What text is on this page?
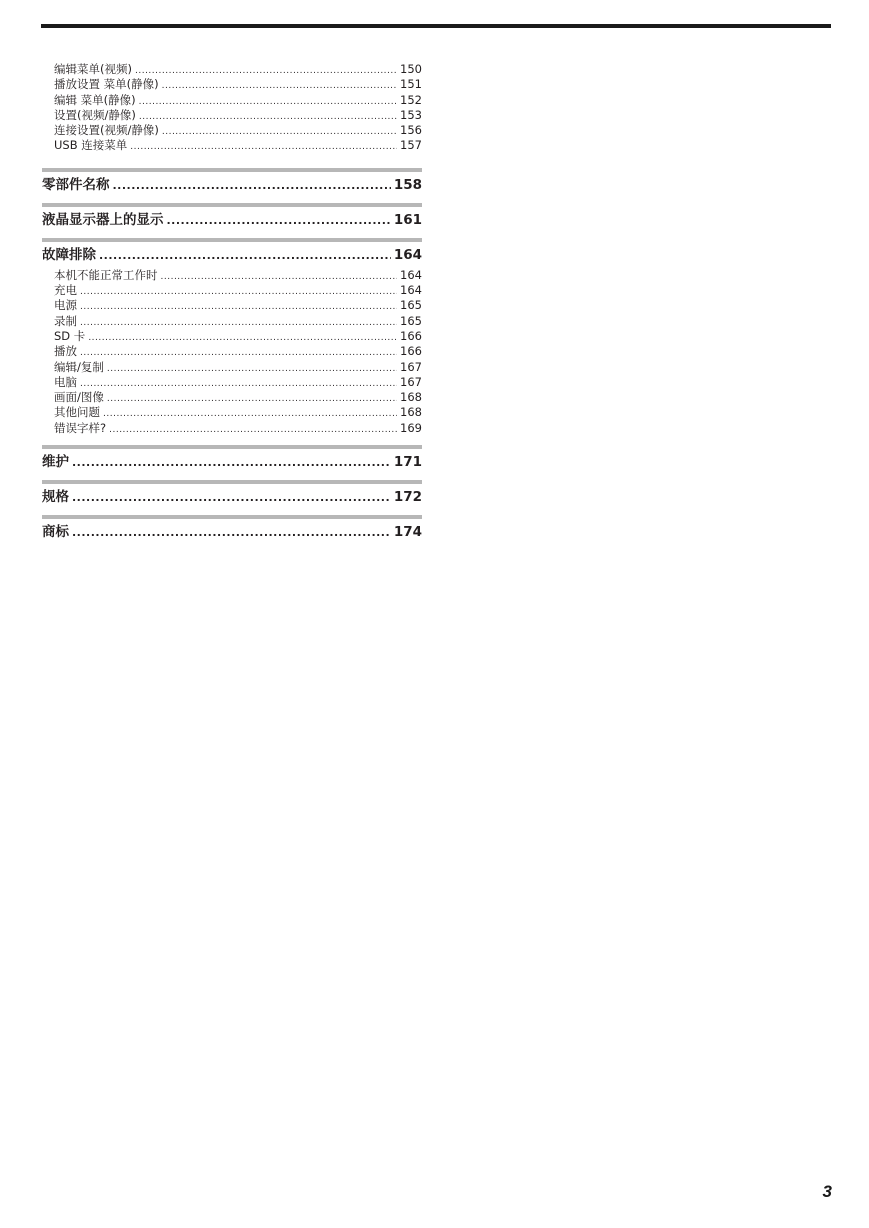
编辑菜单(视频) .....	150
播放设置 菜单(静像) .....	151
编辑 菜单(静像) .....	152
设置(视频/静像) .....	153
连接设置(视频/静像) .....	156
USB 连接菜单 .....	157
零部件名称 .....	158
液晶显示器上的显示 .....	161
故障排除 .....	164
本机不能正常工作时 .....	164
充电 .....	164
电源 .....	165
录制 .....	165
SD 卡 .....	166
播放 .....	166
编辑/复制 .....	167
电脑 .....	167
画面/图像 .....	168
其他问题 .....	168
错误字样? .....	169
维护 .....	171
规格 .....	172
商标 .....	174
3
